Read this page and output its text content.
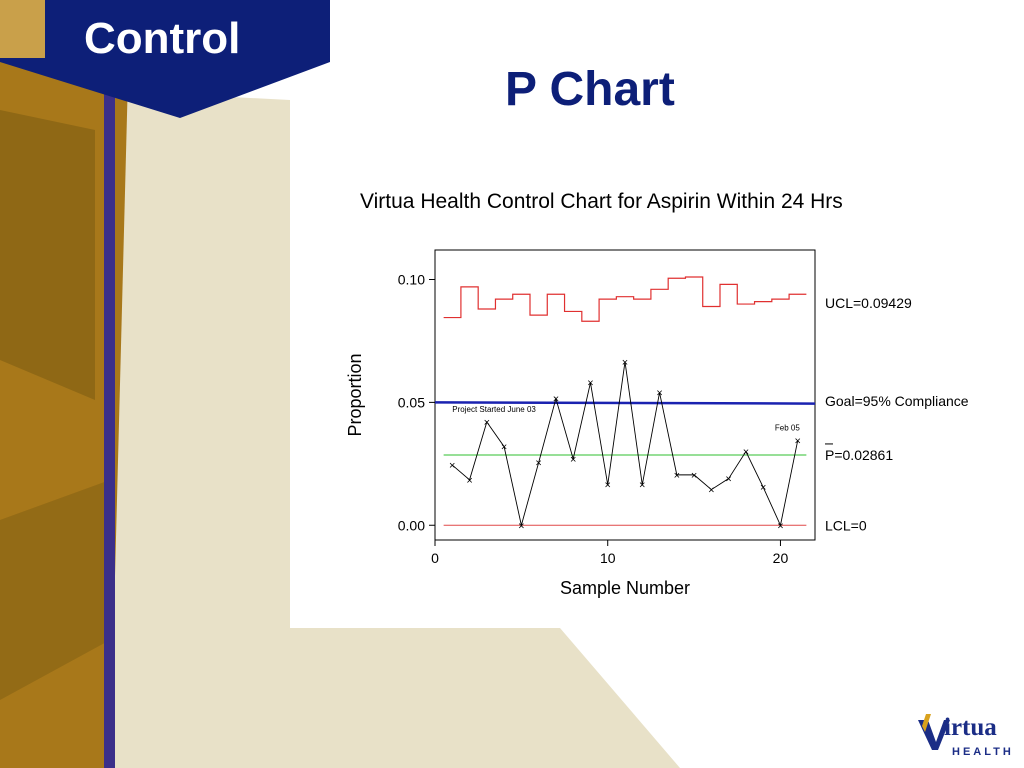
Control
P Chart
Virtua Health Control Chart for Aspirin Within 24 Hrs
0.00
0.05
0.10
0	10	20
Sample Number
Proportion
×
×
×
×
×
×
×
×
×
×
×
×
×
× ×
×
×
×
×
×
×
UCL=0.09429
Goal=95% Compliance
P=0.02861
LCL=0
Project Started June 03
Feb 05
irtua
HEALTH
